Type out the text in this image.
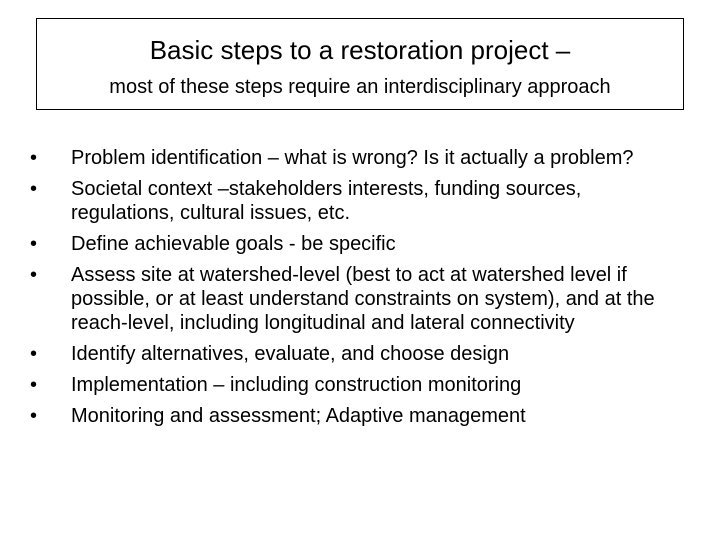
Basic steps to a restoration project –
most of these steps require an interdisciplinary approach
• Problem identification – what is wrong? Is it actually a problem?
• Societal context –stakeholders interests, funding sources, regulations, cultural issues, etc.
• Define achievable goals - be specific
• Assess site at watershed-level (best to act at watershed level if possible, or at least understand constraints on system), and at the reach-level, including longitudinal and lateral connectivity
• Identify alternatives, evaluate, and choose design
• Implementation – including construction monitoring
• Monitoring and assessment; Adaptive management
